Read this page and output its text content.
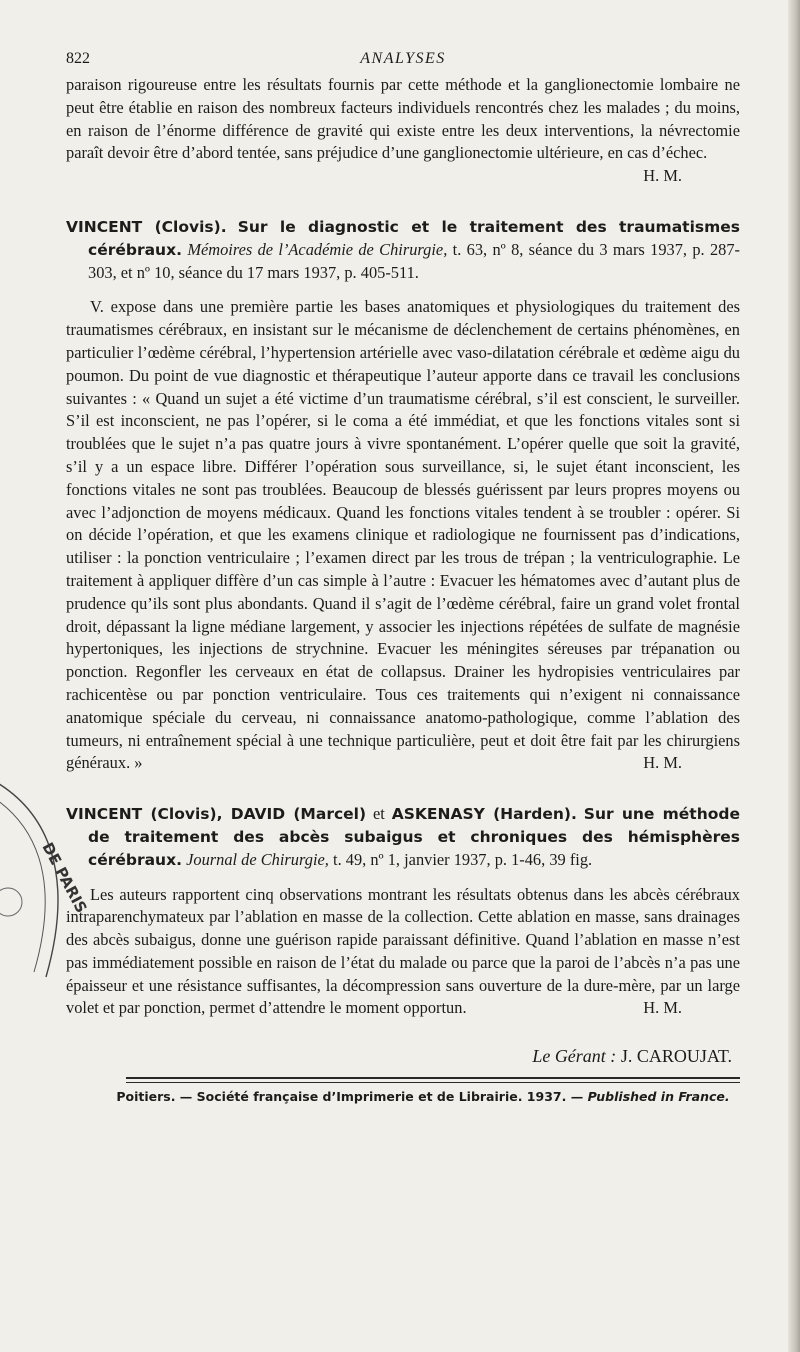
DE PARIS
822	ANALYSES

paraison rigoureuse entre les résultats fournis par cette méthode et la ganglionectomie lombaire ne peut être établie en raison des nombreux facteurs individuels rencontrés chez les malades ; du moins, en raison de l’énorme différence de gravité qui existe entre les deux interventions, la névrectomie paraît devoir être d’abord tentée, sans préjudice d’une ganglionectomie ultérieure, en cas d’échec.
H. M.

VINCENT (Clovis). Sur le diagnostic et le traitement des traumatismes cérébraux. Mémoires de l’Académie de Chirurgie, t. 63, nº 8, séance du 3 mars 1937, p. 287-303, et nº 10, séance du 17 mars 1937, p. 405-511.

V. expose dans une première partie les bases anatomiques et physiologiques du traitement des traumatismes cérébraux, en insistant sur le mécanisme de déclenchement de certains phénomènes, en particulier l’œdème cérébral, l’hypertension artérielle avec vaso-dilatation cérébrale et œdème aigu du poumon. Du point de vue diagnostic et thérapeutique l’auteur apporte dans ce travail les conclusions suivantes : « Quand un sujet a été victime d’un traumatisme cérébral, s’il est conscient, le surveiller. S’il est inconscient, ne pas l’opérer, si le coma a été immédiat, et que les fonctions vitales sont si troublées que le sujet n’a pas quatre jours à vivre spontanément. L’opérer quelle que soit la gravité, s’il y a un espace libre. Différer l’opération sous surveillance, si, le sujet étant inconscient, les fonctions vitales ne sont pas troublées. Beaucoup de blessés guérissent par leurs propres moyens ou avec l’adjonction de moyens médicaux. Quand les fonctions vitales tendent à se troubler : opérer. Si on décide l’opération, et que les examens clinique et radiologique ne fournissent pas d’indications, utiliser : la ponction ventriculaire ; l’examen direct par les trous de trépan ; la ventriculographie. Le traitement à appliquer diffère d’un cas simple à l’autre : Evacuer les hématomes avec d’autant plus de prudence qu’ils sont plus abondants. Quand il s’agit de l’œdème cérébral, faire un grand volet frontal droit, dépassant la ligne médiane largement, y associer les injections répétées de sulfate de magnésie hypertoniques, les injections de strychnine. Evacuer les méningites séreuses par trépanation ou ponction. Regonfler les cerveaux en état de collapsus. Drainer les hydropisies ventriculaires par rachicentèse ou par ponction ventriculaire. Tous ces traitements qui n’exigent ni connaissance anatomique spéciale du cerveau, ni connaissance anatomo-pathologique, comme l’ablation des tumeurs, ni entraînement spécial à une technique particulière, peut et doit être fait par les chirurgiens généraux. »	H. M.

VINCENT (Clovis), DAVID (Marcel) et ASKENASY (Harden). Sur une méthode de traitement des abcès subaigus et chroniques des hémisphères cérébraux. Journal de Chirurgie, t. 49, nº 1, janvier 1937, p. 1-46, 39 fig.

Les auteurs rapportent cinq observations montrant les résultats obtenus dans les abcès cérébraux intraparenchymateux par l’ablation en masse de la collection. Cette ablation en masse, sans drainages des abcès subaigus, donne une guérison rapide paraissant définitive. Quand l’ablation en masse n’est pas immédiatement possible en raison de l’état du malade ou parce que la paroi de l’abcès n’a pas une épaisseur et une résistance suffisantes, la décompression sans ouverture de la dure-mère, par un large volet et par ponction, permet d’attendre le moment opportun.	H. M.

Le Gérant : J. CAROUJAT.
Poitiers. — Société française d’Imprimerie et de Librairie. 1937. — Published in France.
